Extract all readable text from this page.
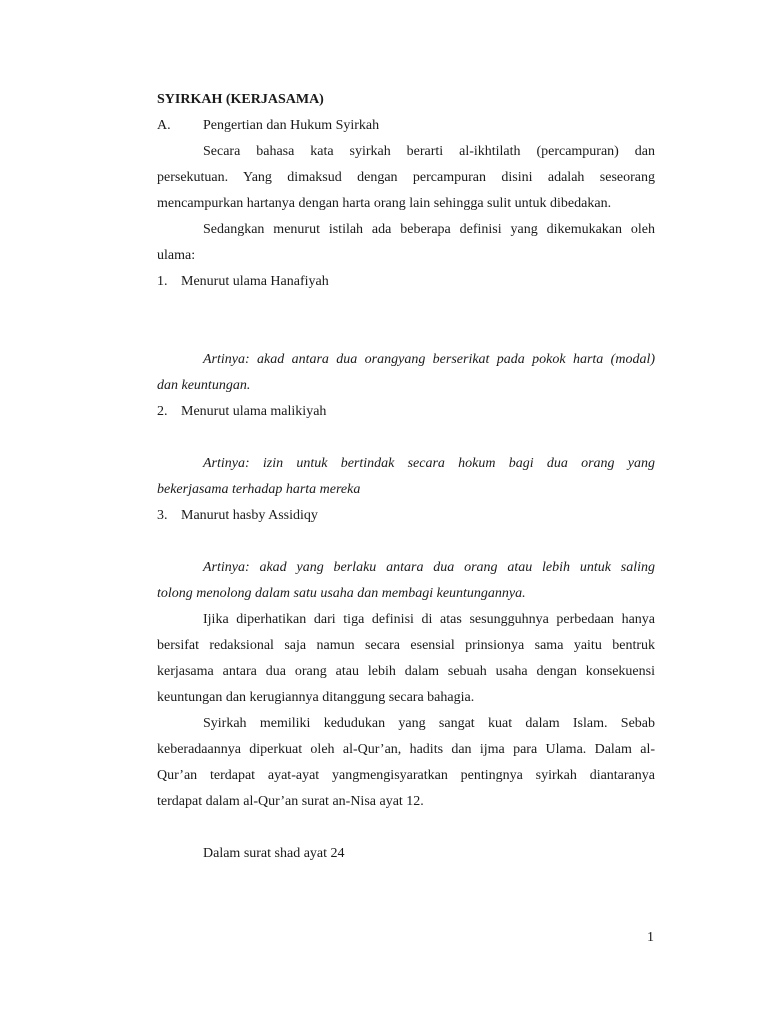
SYIRKAH (KERJASAMA)
A.	Pengertian dan Hukum Syirkah
Secara bahasa kata syirkah berarti al-ikhtilath (percampuran) dan
persekutuan. Yang dimaksud dengan percampuran disini adalah seseorang
mencampurkan hartanya dengan harta orang lain sehingga sulit untuk dibedakan.
Sedangkan menurut istilah ada beberapa definisi yang dikemukakan oleh
ulama:
1. Menurut ulama Hanafiyah
Artinya: akad antara dua orangyang berserikat pada pokok harta (modal)
dan keuntungan.
2. Menurut ulama malikiyah
Artinya: izin untuk bertindak secara hokum bagi dua orang yang
bekerjasama terhadap harta mereka
3. Manurut hasby Assidiqy
Artinya: akad yang berlaku antara dua orang atau lebih untuk saling
tolong menolong dalam satu usaha dan membagi keuntungannya.
Ijika diperhatikan dari tiga definisi di atas sesungguhnya perbedaan hanya
bersifat redaksional saja namun secara esensial prinsionya sama yaitu bentruk
kerjasama antara dua orang atau lebih dalam sebuah usaha dengan konsekuensi
keuntungan dan kerugiannya ditanggung secara bahagia.
Syirkah memiliki kedudukan yang sangat kuat dalam Islam. Sebab
keberadaannya diperkuat oleh al-Qur’an, hadits dan ijma para Ulama. Dalam al-
Qur’an terdapat ayat-ayat yangmengisyaratkan pentingnya syirkah diantaranya
terdapat dalam al-Qur’an surat an-Nisa ayat 12.
Dalam surat shad ayat 24
1
